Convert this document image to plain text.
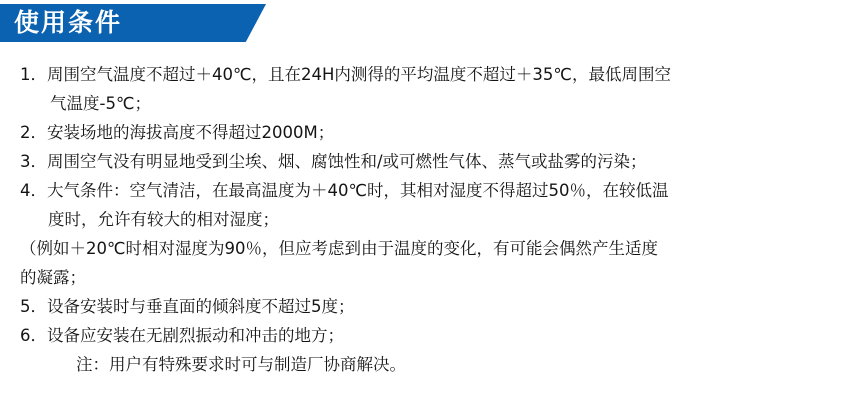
使用条件 Range
1．周围空气温度不超过＋40℃，且在24H内测得的平均温度不超过＋35℃，最低周围空
气温度-5℃；
2．安装场地的海拔高度不得超过2000M；
3．周围空气没有明显地受到尘埃、烟、腐蚀性和/或可燃性气体、蒸气或盐雾的污染；
4．大气条件：空气清洁，在最高温度为＋40℃时，其相对湿度不得超过50％，在较低温
度时，允许有较大的相对湿度；
（例如＋20℃时相对湿度为90％，但应考虑到由于温度的变化，有可能会偶然产生适度
的凝露；
5．设备安装时与垂直面的倾斜度不超过5度；
6．设备应安装在无剧烈振动和冲击的地方；
注：用户有特殊要求时可与制造厂协商解决。
